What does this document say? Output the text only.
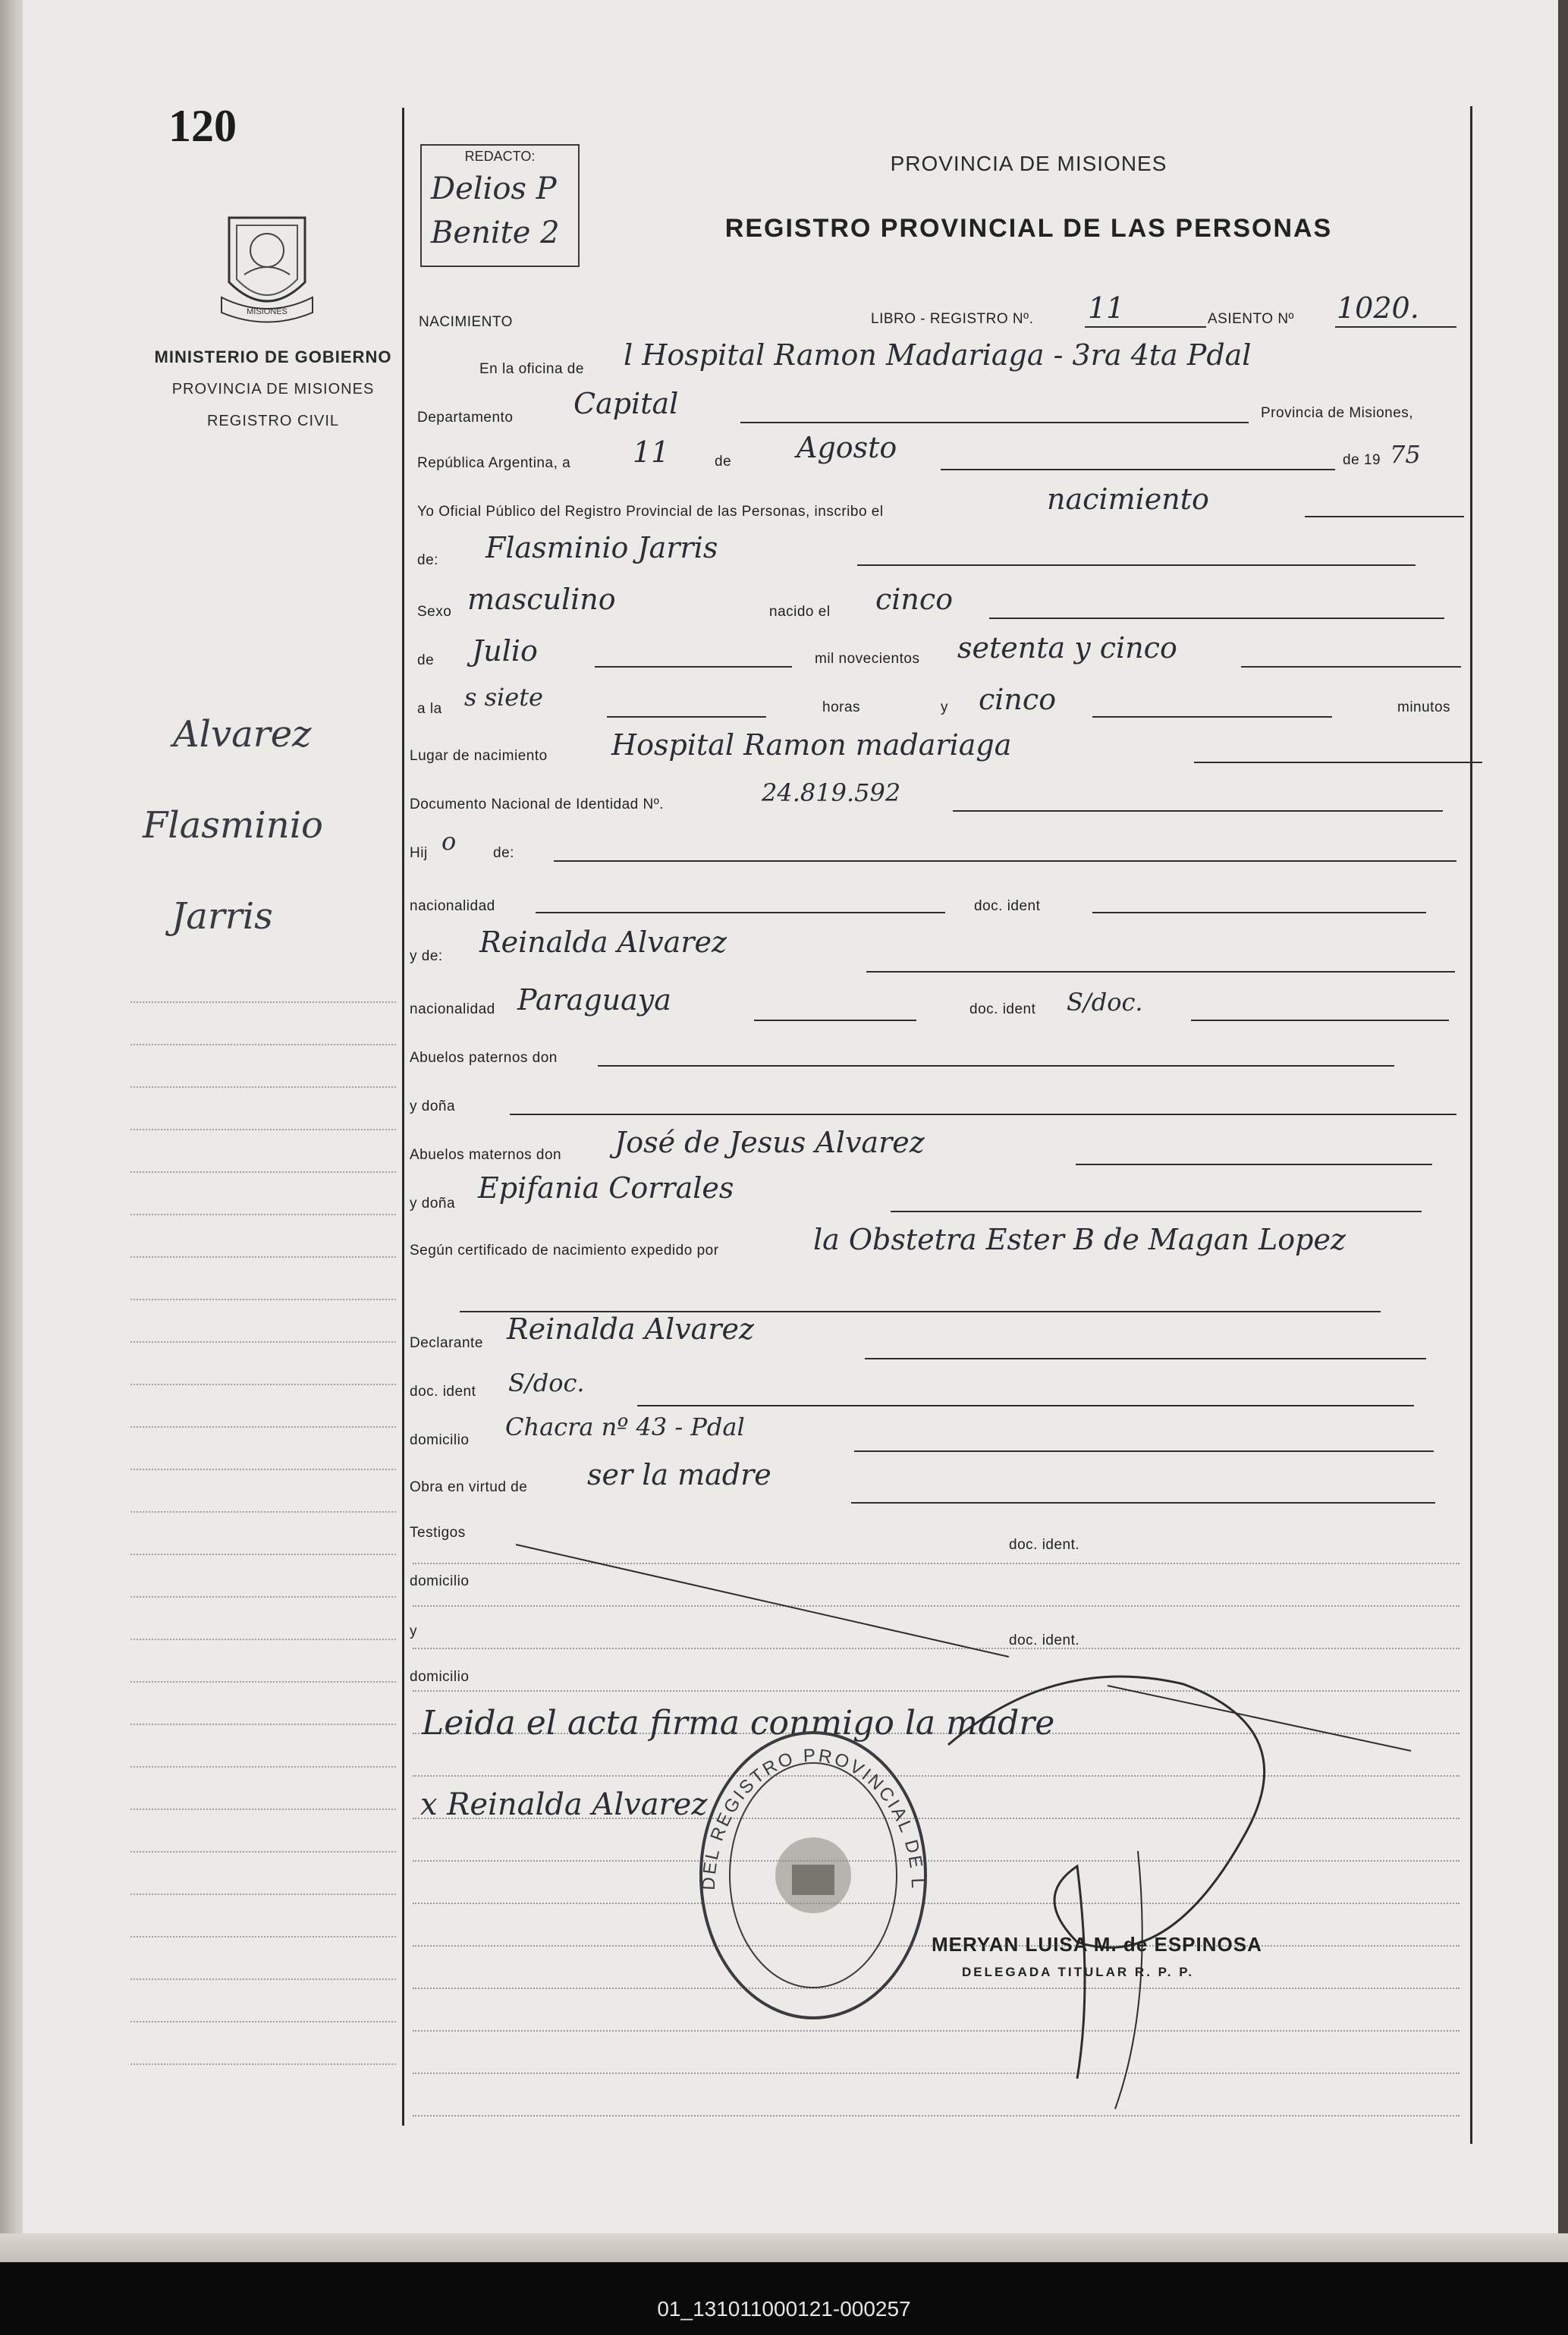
120
MISIONES
MINISTERIO DE GOBIERNO
PROVINCIA DE MISIONES
REGISTRO CIVIL
REDACTO:
Delios P
Benite 2
PROVINCIA DE MISIONES
REGISTRO PROVINCIAL DE LAS PERSONAS
Alvarez
Flasminio
Jarris
NACIMIENTO	LIBRO - REGISTRO Nº. 11	ASIENTO Nº 1020.
En la oficina de l Hospital Ramon Madariaga - 3ra 4ta Pdal
Departamento Capital	Provincia de Misiones,
República Argentina, a 11	de Agosto	de 19 75
Yo Oficial Público del Registro Provincial de las Personas, inscribo el	nacimiento
de: Flasminio Jarris
Sexo masculino	nacido el cinco
de Julio	mil novecientos setenta y cinco
a la s siete	horas	y cinco	minutos
Lugar de nacimiento Hospital Ramon madariaga
Documento Nacional de Identidad Nº.	24.819.592
Hij o	de:
nacionalidad	doc. ident
y de: Reinalda Alvarez
nacionalidad Paraguaya	doc. ident S/doc.
Abuelos paternos don
y doña
Abuelos maternos don José de Jesus Alvarez
y doña Epifania Corrales
Según certificado de nacimiento expedido por	la Obstetra Ester B de Magan Lopez
Declarante Reinalda Alvarez
doc. ident S/doc.
domicilio Chacra nº 43 - Pdal
Obra en virtud de ser la madre
Testigos
doc. ident.
domicilio
y
doc. ident.
domicilio
Leida el acta firma conmigo la madre
x Reinalda Alvarez
DEL REGISTRO PROVINCIAL DE L
MERYAN LUISA M. de ESPINOSA
DELEGADA TITULAR R. P. P.
01_131011000121-000257
